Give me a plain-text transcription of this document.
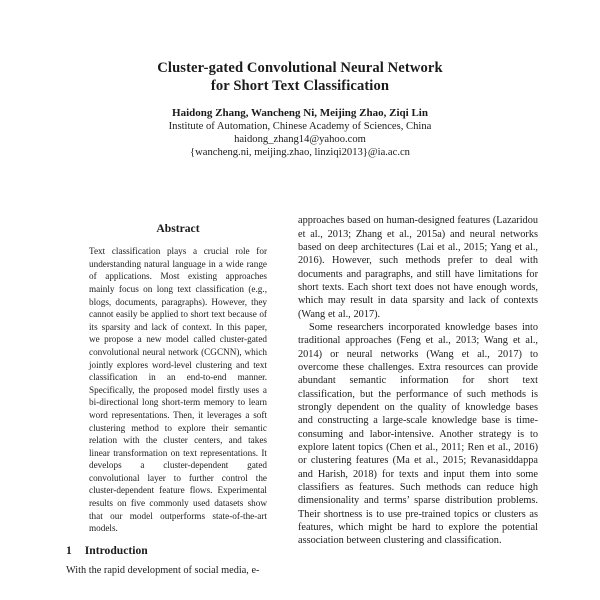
Cluster-gated Convolutional Neural Network
for Short Text Classification
Haidong Zhang, Wancheng Ni, Meijing Zhao, Ziqi Lin
Institute of Automation, Chinese Academy of Sciences, China
haidong_zhang14@yahoo.com
{wancheng.ni, meijing.zhao, linziqi2013}@ia.ac.cn
Abstract
Text classification plays a crucial role for understanding natural language in a wide range of applications. Most existing approaches mainly focus on long text classification (e.g., blogs, documents, paragraphs). However, they cannot easily be applied to short text because of its sparsity and lack of context. In this paper, we propose a new model called cluster-gated convolutional neural network (CGCNN), which jointly explores word-level clustering and text classification in an end-to-end manner. Specifically, the proposed model firstly uses a bi-directional long short-term memory to learn word representations. Then, it leverages a soft clustering method to explore their semantic relation with the cluster centers, and takes linear transformation on text representations. It develops a cluster-dependent gated convolutional layer to further control the cluster-dependent feature flows. Experimental results on five commonly used datasets show that our model outperforms state-of-the-art models.
1 Introduction
With the rapid development of social media, e-

approaches based on human-designed features (Lazaridou et al., 2013; Zhang et al., 2015a) and neural networks based on deep architectures (Lai et al., 2015; Yang et al., 2016). However, such methods prefer to deal with documents and paragraphs, and still have limitations for short texts. Each short text does not have enough words, which may result in data sparsity and lack of contexts (Wang et al., 2017).

Some researchers incorporated knowledge bases into traditional approaches (Feng et al., 2013; Wang et al., 2014) or neural networks (Wang et al., 2017) to overcome these challenges. Extra resources can provide abundant semantic information for short text classification, but the performance of such methods is strongly dependent on the quality of knowledge bases and constructing a large-scale knowledge base is time-consuming and labor-intensive. Another strategy is to explore latent topics (Chen et al., 2011; Ren et al., 2016) or clustering features (Ma et al., 2015; Revanasiddappa and Harish, 2018) for texts and input them into some classifiers as features. Such methods can reduce high dimensionality and terms’ sparse distribution problems. Their shortness is to use pre-trained topics or clusters as features, which might be hard to explore the potential association between clustering and classification.
